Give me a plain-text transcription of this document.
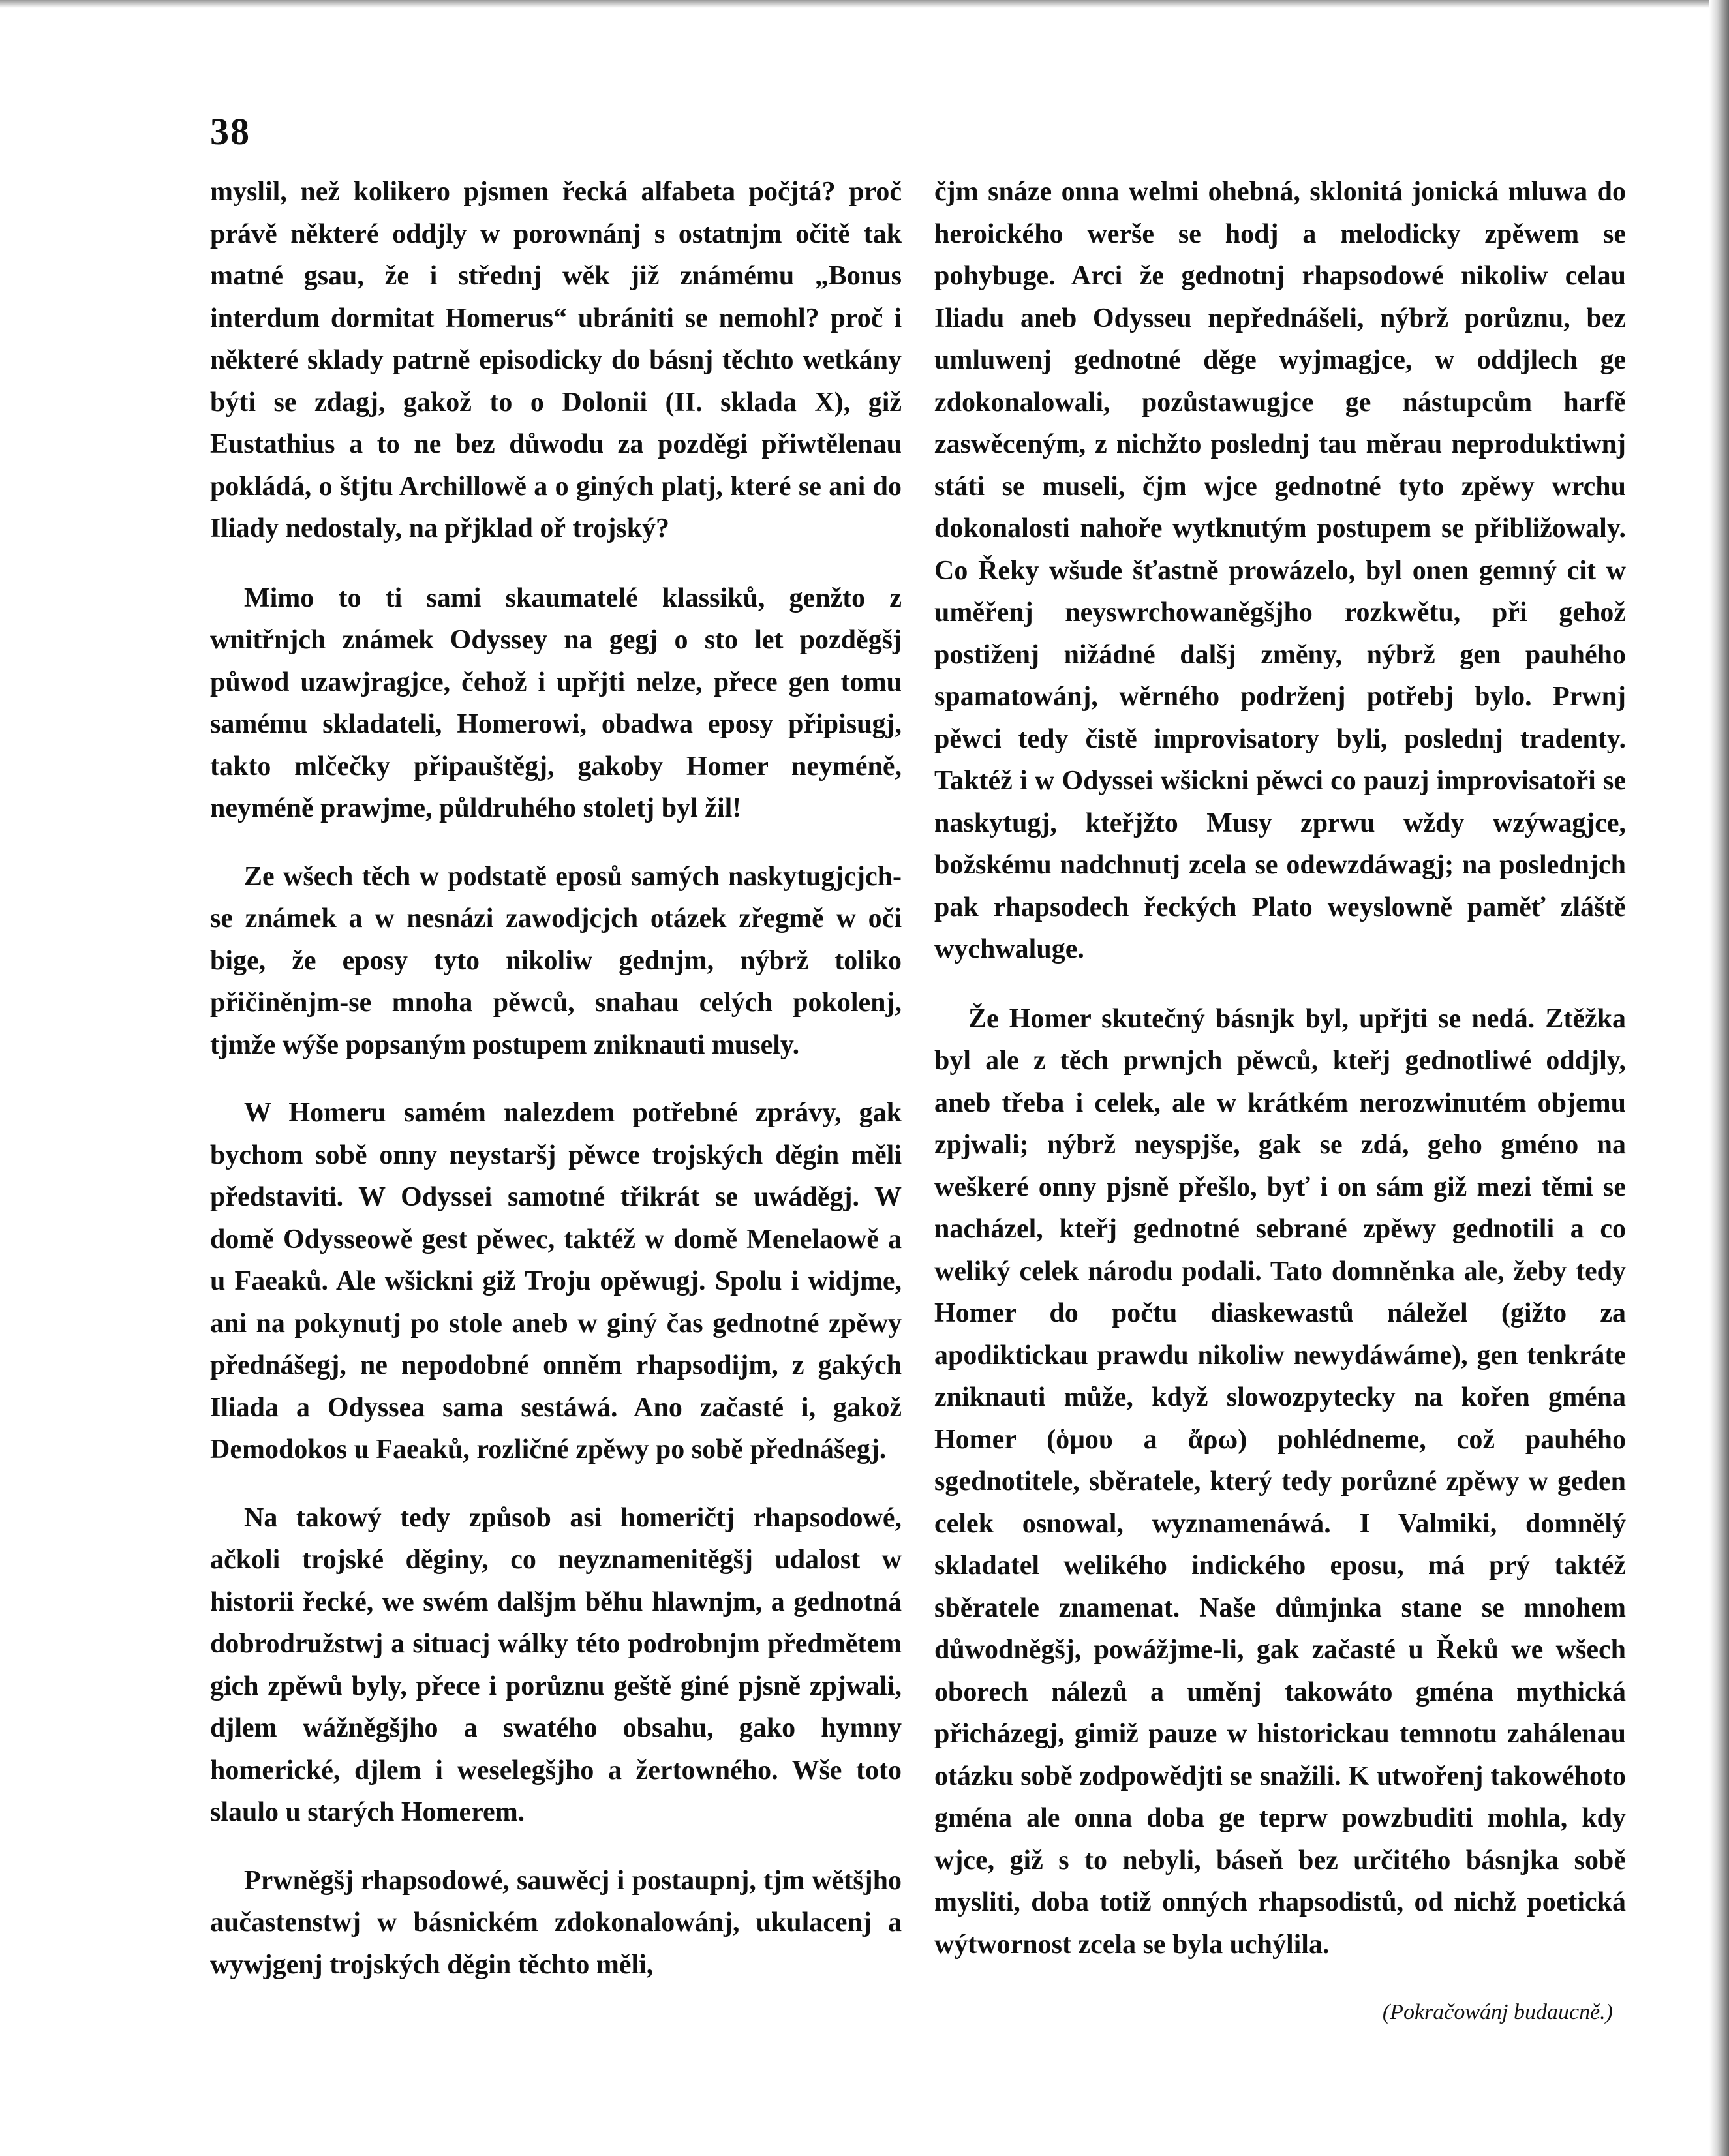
38

myslil, než kolikero pjsmen řecká alfabeta počjtá? proč právě některé oddjly w porownánj s ostatnjm očitě tak matné gsau, že i střednj wěk již známému „Bonus interdum dormitat Homerus“ ubrániti se nemohl? proč i některé sklady patrně episodicky do básnj těchto wetkány býti se zdagj, gakož to o Dolonii (II. sklada X), giž Eustathius a to ne bez důwodu za pozděgi přiwtělenau pokládá, o štjtu Archillowě a o giných platj, které se ani do Iliady nedostaly, na přjklad oř trojský?

Mimo to ti sami skaumatelé klassiků, genžto z wnitřnjch známek Odyssey na gegj o sto let pozděgšj půwod uzawjragjce, čehož i upřjti nelze, přece gen tomu samému skladateli, Homerowi, obadwa eposy připisugj, takto mlčečky připauštěgj, gakoby Homer neyméně, neyméně prawjme, půldruhého stoletj byl žil!

Ze wšech těch w podstatě eposů samých naskytugjcjch-se známek a w nesnázi zawodjcjch otázek zřegmě w oči bige, že eposy tyto nikoliw gednjm, nýbrž toliko přičiněnjm-se mnoha pěwců, snahau celých pokolenj, tjmže wýše popsaným postupem zniknauti musely.

W Homeru samém nalezdem potřebné zprávy, gak bychom sobě onny neystaršj pěwce trojských děgin měli představiti. W Odyssei samotné třikrát se uwáděgj. W domě Odysseowě gest pěwec, taktéž w domě Menelaowě a u Faeaků. Ale wšickni giž Troju opěwugj. Spolu i widjme, ani na pokynutj po stole aneb w giný čas gednotné zpěwy přednášegj, ne nepodobné onněm rhapsodijm, z gakých Iliada a Odyssea sama sestáwá. Ano začasté i, gakož Demodokos u Faeaků, rozličné zpěwy po sobě přednášegj.

Na takowý tedy způsob asi homeričtj rhapsodowé, ačkoli trojské děginy, co neyznamenitěgšj udalost w historii řecké, we swém dalšjm běhu hlawnjm, a gednotná dobrodružstwj a situacj wálky této podrobnjm předmětem gich zpěwů byly, přece i porůznu geště giné pjsně zpjwali, djlem wážněgšjho a swatého obsahu, gako hymny homerické, djlem i weselegšjho a žertowného. Wše toto slaulo u starých Homerem.

Prwněgšj rhapsodowé, sauwěcj i postaupnj, tjm wětšjho aučastenstwj w básnickém zdokonalowánj, ukulacenj a wywjgenj trojských děgin těchto měli,

čjm snáze onna welmi ohebná, sklonitá jonická mluwa do heroického werše se hodj a melodicky zpěwem se pohybuge. Arci že gednotnj rhapsodowé nikoliw celau Iliadu aneb Odysseu nepřednášeli, nýbrž porůznu, bez umluwenj gednotné děge wyjmagjce, w oddjlech ge zdokonalowali, pozůstawugjce ge nástupcům harfě zaswěceným, z nichžto poslednj tau měrau neproduktiwnj státi se museli, čjm wjce gednotné tyto zpěwy wrchu dokonalosti nahoře wytknutým postupem se přibližowaly. Co Řeky wšude šťastně prowázelo, byl onen gemný cit w uměřenj neyswrchowaněgšjho rozkwětu, při gehož postiženj nižádné dalšj změny, nýbrž gen pauhého spamatowánj, wěrného podrženj potřebj bylo. Prwnj pěwci tedy čistě improvisatory byli, poslednj tradenty. Taktéž i w Odyssei wšickni pěwci co pauzj improvisatoři se naskytugj, kteřjžto Musy zprwu wždy wzýwagjce, božskému nadchnutj zcela se odewzdáwagj; na poslednjch pak rhapsodech řeckých Plato weyslowně paměť zláště wychwaluge.

Že Homer skutečný básnjk byl, upřjti se nedá. Ztěžka byl ale z těch prwnjch pěwců, kteřj gednotliwé oddjly, aneb třeba i celek, ale w krátkém nerozwinutém objemu zpjwali; nýbrž neyspjše, gak se zdá, geho gméno na weškeré onny pjsně přešlo, byť i on sám giž mezi těmi se nacházel, kteřj gednotné sebrané zpěwy gednotili a co weliký celek národu podali. Tato domněnka ale, žeby tedy Homer do počtu diaskewastů náležel (gižto za apodiktickau prawdu nikoliw newydáwáme), gen tenkráte zniknauti může, když slowozpytecky na kořen gména Homer (ὁμου a ἄρω) pohlédneme, což pauhého sgednotitele, sběratele, který tedy porůzné zpěwy w geden celek osnowal, wyznamenáwá. I Valmiki, domnělý skladatel welikého indického eposu, má prý taktéž sběratele znamenat. Naše důmjnka stane se mnohem důwodněgšj, powážjme-li, gak začasté u Řeků we wšech oborech nálezů a uměnj takowáto gména mythická přicházegj, gimiž pauze w historickau temnotu zahálenau otázku sobě zodpowědjti se snažili. K utwořenj takowéhoto gména ale onna doba ge teprw powzbuditi mohla, kdy wjce, giž s to nebyli, báseň bez určitého básnjka sobě mysliti, doba totiž onných rhapsodistů, od nichž poetická wýtwornost zcela se byla uchýlila.

(Pokračowánj budaucně.)
